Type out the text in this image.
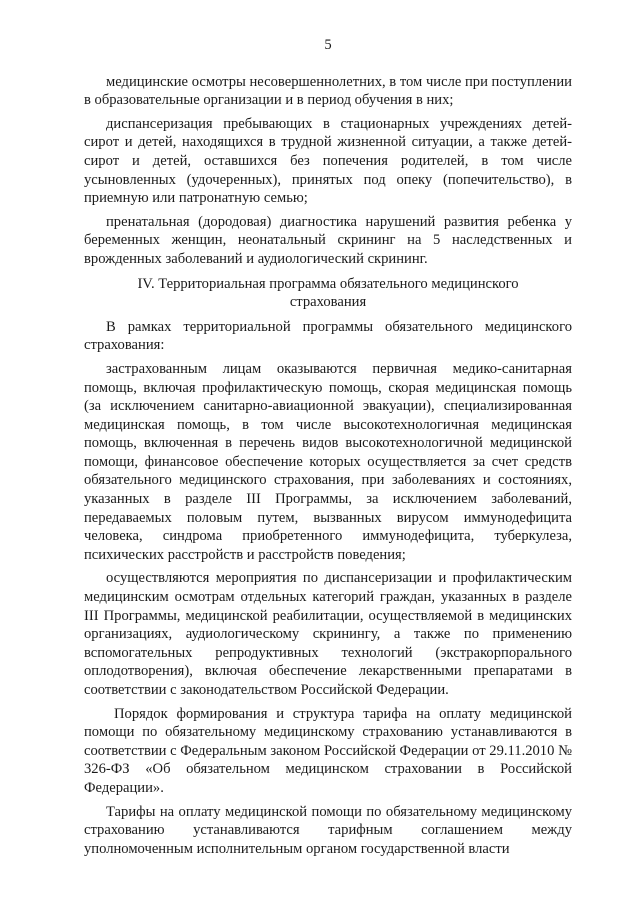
5

медицинские осмотры несовершеннолетних, в том числе при поступлении в образовательные организации и в период обучения в них;

диспансеризация пребывающих в стационарных учреждениях детей-сирот и детей, находящихся в трудной жизненной ситуации, а также детей-сирот и детей, оставшихся без попечения родителей, в том числе усыновленных (удочеренных), принятых под опеку (попечительство), в приемную или патронатную семью;

пренатальная (дородовая) диагностика нарушений развития ребенка у беременных женщин, неонатальный скрининг на 5 наследственных и врожденных заболеваний и аудиологический скрининг.

IV. Территориальная программа обязательного медицинского
страхования

В рамках территориальной программы обязательного медицинского страхования:

застрахованным лицам оказываются первичная медико-санитарная помощь, включая профилактическую помощь, скорая медицинская помощь (за исключением санитарно-авиационной эвакуации), специализированная медицинская помощь, в том числе высокотехнологичная медицинская помощь, включенная в перечень видов высокотехнологичной медицинской помощи, финансовое обеспечение которых осуществляется за счет средств обязательного медицинского страхования, при заболеваниях и состояниях, указанных в разделе III Программы, за исключением заболеваний, передаваемых половым путем, вызванных вирусом иммунодефицита человека, синдрома приобретенного иммунодефицита, туберкулеза, психических расстройств и расстройств поведения;

осуществляются мероприятия по диспансеризации и профилактическим медицинским осмотрам отдельных категорий граждан, указанных в разделе III Программы, медицинской реабилитации, осуществляемой в медицинских организациях, аудиологическому скринингу, а также по применению вспомогательных репродуктивных технологий (экстракорпорального оплодотворения), включая обеспечение лекарственными препаратами в соответствии с законодательством Российской Федерации.

Порядок формирования и структура тарифа на оплату медицинской помощи по обязательному медицинскому страхованию устанавливаются в соответствии с Федеральным законом Российской Федерации от 29.11.2010 № 326-ФЗ «Об обязательном медицинском страховании в Российской Федерации».

Тарифы на оплату медицинской помощи по обязательному медицинскому страхованию устанавливаются тарифным соглашением между уполномоченным исполнительным органом государственной власти
